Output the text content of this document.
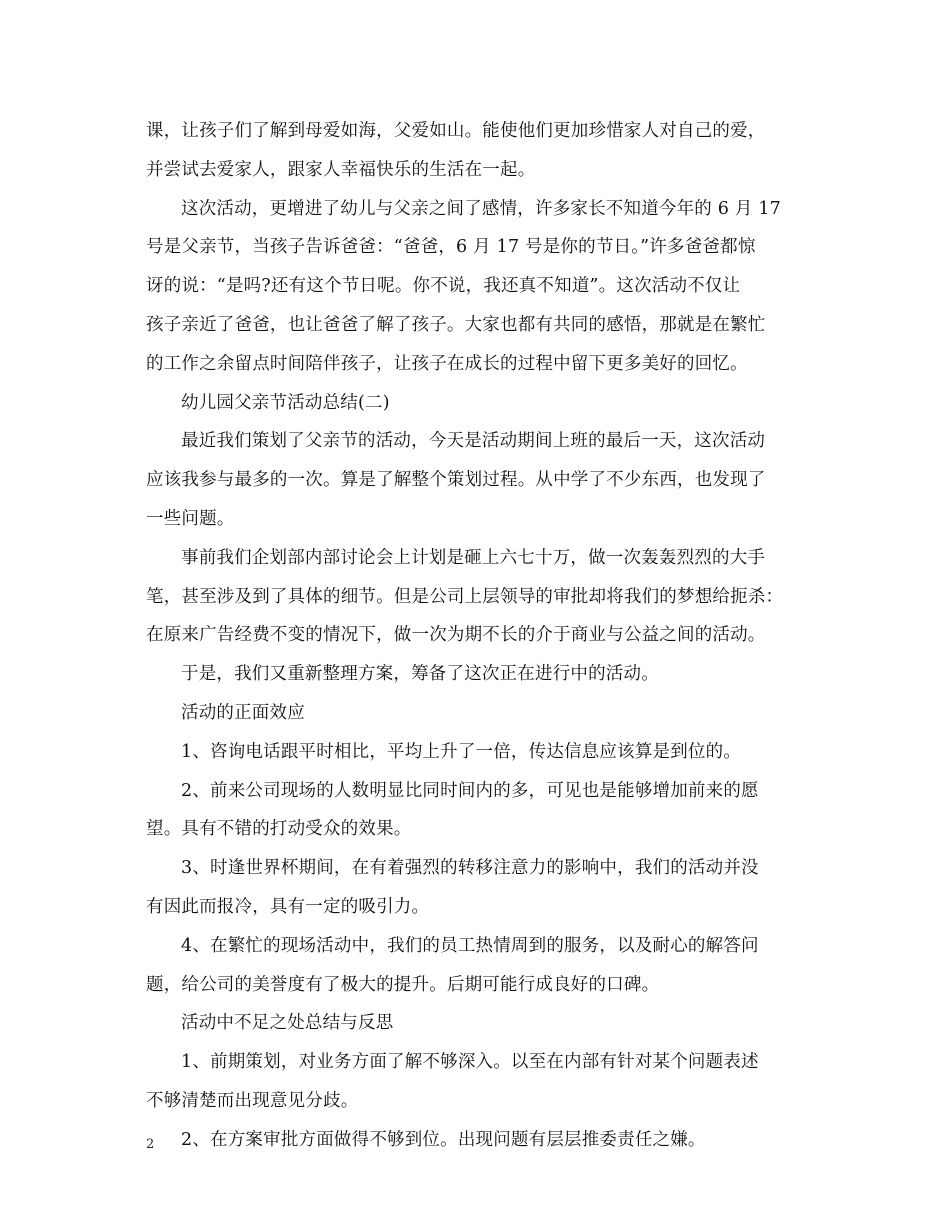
课，让孩子们了解到母爱如海，父爱如山。能使他们更加珍惜家人对自己的爱，
并尝试去爱家人，跟家人幸福快乐的生活在一起。
这次活动，更增进了幼儿与父亲之间了感情，许多家长不知道今年的 6 月 17
号是父亲节，当孩子告诉爸爸：“爸爸，6 月 17 号是你的节日。”许多爸爸都惊
讶的说：“是吗?还有这个节日呢。你不说，我还真不知道”。这次活动不仅让
孩子亲近了爸爸，也让爸爸了解了孩子。大家也都有共同的感悟，那就是在繁忙
的工作之余留点时间陪伴孩子，让孩子在成长的过程中留下更多美好的回忆。
幼儿园父亲节活动总结(二)
最近我们策划了父亲节的活动，今天是活动期间上班的最后一天，这次活动
应该我参与最多的一次。算是了解整个策划过程。从中学了不少东西，也发现了
一些问题。
事前我们企划部内部讨论会上计划是砸上六七十万，做一次轰轰烈烈的大手
笔，甚至涉及到了具体的细节。但是公司上层领导的审批却将我们的梦想给扼杀：
在原来广告经费不变的情况下，做一次为期不长的介于商业与公益之间的活动。
于是，我们又重新整理方案，筹备了这次正在进行中的活动。
活动的正面效应
1、咨询电话跟平时相比，平均上升了一倍，传达信息应该算是到位的。
2、前来公司现场的人数明显比同时间内的多，可见也是能够增加前来的愿
望。具有不错的打动受众的效果。
3、时逢世界杯期间，在有着强烈的转移注意力的影响中，我们的活动并没
有因此而报冷，具有一定的吸引力。
4、在繁忙的现场活动中，我们的员工热情周到的服务，以及耐心的解答问
题，给公司的美誉度有了极大的提升。后期可能行成良好的口碑。
活动中不足之处总结与反思
1、前期策划，对业务方面了解不够深入。以至在内部有针对某个问题表述
不够清楚而出现意见分歧。
2、在方案审批方面做得不够到位。出现问题有层层推委责任之嫌。
2
